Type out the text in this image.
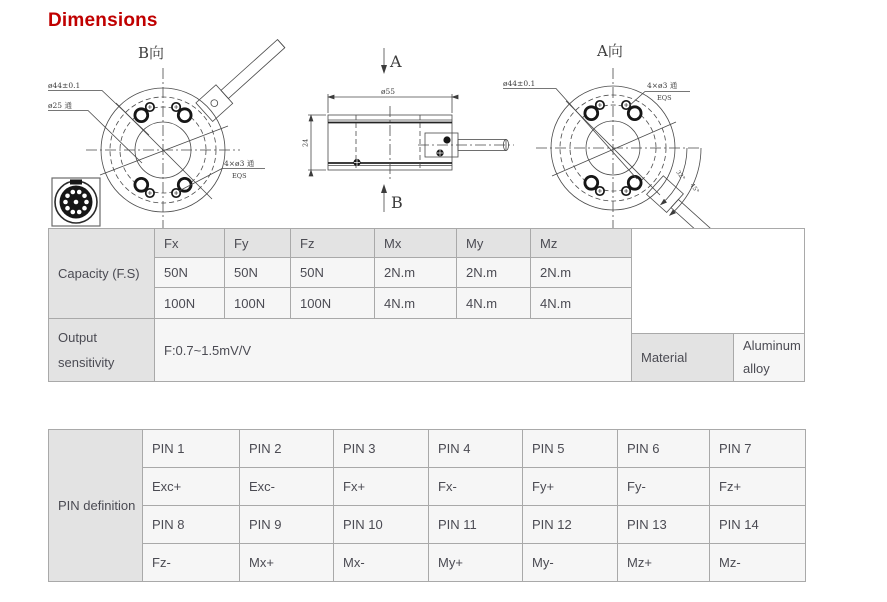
Dimensions
B向
ø44±0.1
ø25 通
4×ø3 通
EQS
A
B
ø55
24
A向
32°
45°
ø44±0.1	4×ø3 通
EQS
Capacity (F.S)
Fx	Fy	Fz	Mx	My	Mz
50N	50N	50N	2N.m	2N.m	2N.m
100N	100N	100N	4N.m	4N.m	4N.m
Output sensitivity
F:0.7~1.5mV/V	Material
Aluminum alloy
PIN definition
PIN 1	PIN 2	PIN 3	PIN 4	PIN 5	PIN 6	PIN 7
Exc+	Exc-	Fx+	Fx-	Fy+	Fy-	Fz+
PIN 8	PIN 9	PIN 10	PIN 11	PIN 12	PIN 13	PIN 14
Fz-	Mx+	Mx-	My+	My-	Mz+	Mz-
